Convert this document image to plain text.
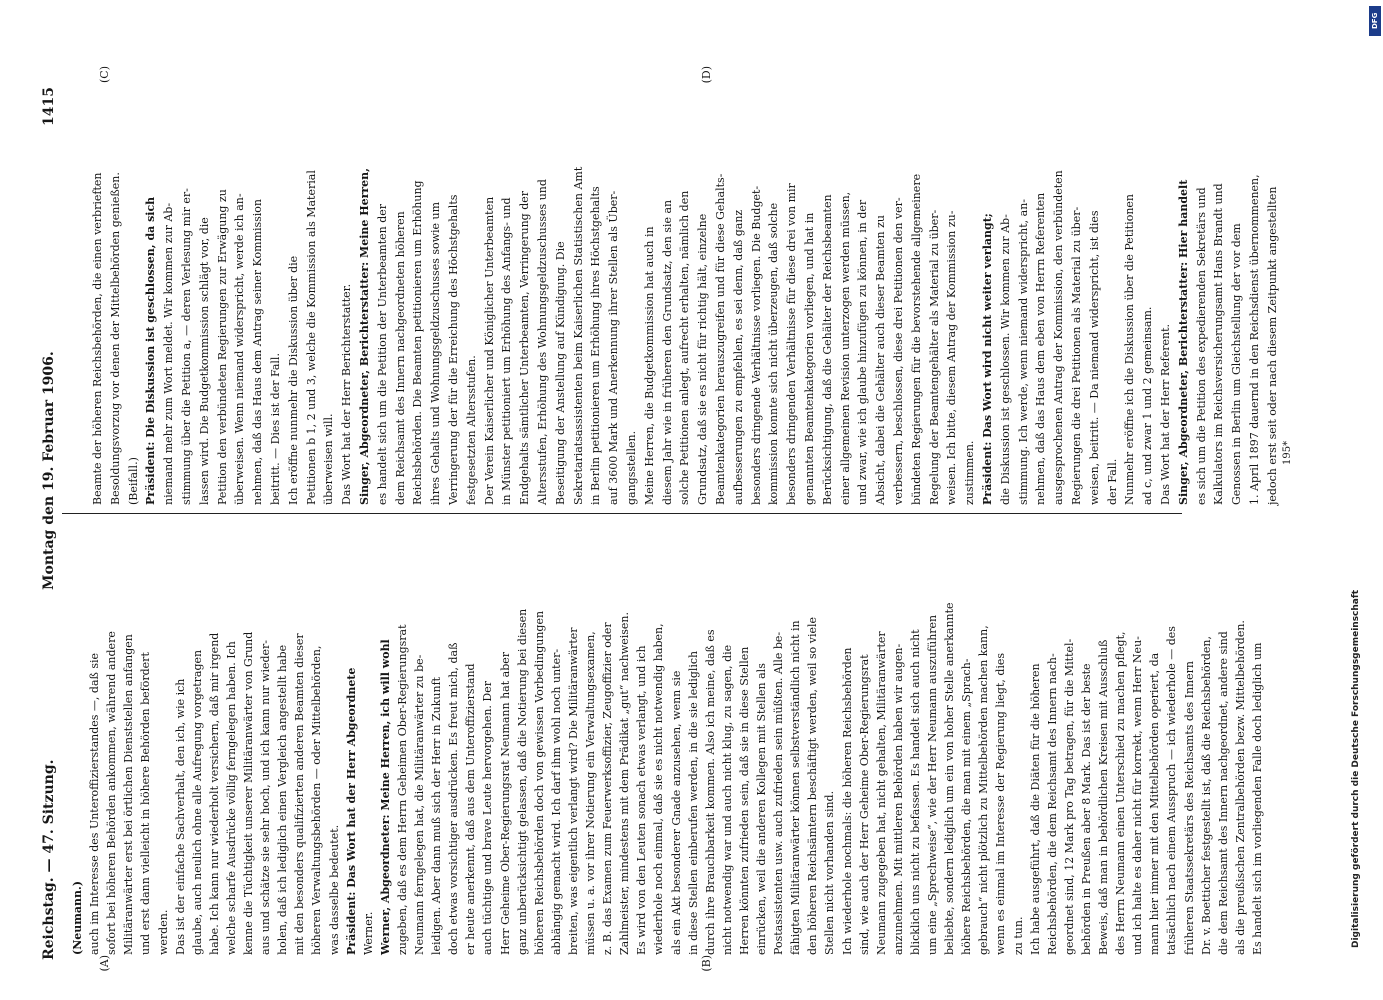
Reichstag. — 47. Sitzung.
Montag den 19. Februar 1906.
1415
(A)	(B)
(C)	(D)
195*
Digitalisierung gefördert durch die Deutsche Forschungsgemeinschaft
DFG
(Neumann.) auch im Interesse des Unteroffizierstandes —, daß sie sofort bei höheren Behörden ankommen, während andere Militäranwärter erst bei örtlichen Dienststellen anfangen und erst dann vielleicht in höhere Behörden befördert werden. Das ist der einfache Sachverhalt, den ich, wie ich glaube, auch neulich ohne alle Aufregung vorgetragen habe. Ich kann nur wiederholt versichern, daß mir irgend welche scharfe Ausdrücke völlig ferngelegen haben. Ich kenne die Tüchtigkeit unserer Militäranwärter von Grund aus und schätze sie sehr hoch, und ich kann nur wieder- holen, daß ich lediglich einen Vergleich angestellt habe mit den besonders qualifizierten anderen Beamten dieser höheren Verwaltungsbehörden — oder Mittelbehörden, was dasselbe bedeutet. Präsident: Das Wort hat der Herr Abgeordnete Werner. Werner, Abgeordneter: Meine Herren, ich will wohl zugeben, daß es dem Herrn Geheimen Ober-Regierungsrat Neumann ferngelegen hat, die Militäranwärter zu be- leidigen. Aber dann muß sich der Herr in Zukunft doch etwas vorsichtiger ausdrücken. Es freut mich, daß er heute anerkennt, daß aus dem Unteroffizierstand auch tüchtige und brave Leute hervorgehen. Der Herr Geheime Ober-Regierungsrat Neumann hat aber ganz unberücksichtigt gelassen, daß die Notierung bei diesen höheren Reichsbehörden doch von gewissen Vorbedingungen abhängig gemacht wird. Ich darf ihm wohl noch unter- breiten, was eigentlich verlangt wird? Die Militäranwärter müssen u. a. vor ihrer Notierung ein Verwaltungsexamen, z. B. das Examen zum Feuerwerksoffizier, Zeugoffizier oder Zahlmeister, mindestens mit dem Prädikat „gut“ nachweisen. Es wird von den Leuten sonach etwas verlangt, und ich wiederhole noch einmal, daß sie es nicht notwendig haben, als ein Akt besonderer Gnade anzusehen, wenn sie in diese Stellen einberufen werden, in die sie lediglich durch ihre Brauchbarkeit kommen. Also ich meine, daß es nicht notwendig war und auch nicht klug, zu sagen, die Herren könnten zufrieden sein, daß sie in diese Stellen einrücken, weil die anderen Kollegen mit Stellen als Postassistenten usw. auch zufrieden sein müßten. Alle be- fähigten Militäranwärter können selbstverständlich nicht in den höheren Reichsämtern beschäftigt werden, weil so viele Stellen nicht vorhanden sind. Ich wiederhole nochmals: die höheren Reichsbehörden sind, wie auch der Herr Geheime Ober-Regierungsrat Neumann zugegeben hat, nicht gehalten, Militäranwärter anzunehmen. Mit mittleren Behörden haben wir augen- blicklich uns nicht zu befassen. Es handelt sich auch nicht um eine „Sprechweise“, wie der Herr Neumann auszuführen beliebte, sondern lediglich um ein von hoher Stelle anerkannte höhere Reichsbehörden, die man mit einem „Sprach- gebrauch“ nicht plötzlich zu Mittelbehörden machen kann, wenn es einmal im Interesse der Regierung liegt, dies zu tun. Ich habe ausgeführt, daß die Diäten für die höheren Reichsbehörden, die dem Reichsamt des Innern nach- geordnet sind, 12 Mark pro Tag betragen, für die Mittel- behörden in Preußen aber 8 Mark. Das ist der beste Beweis, daß man in behördlichen Kreisen mit Ausschluß des Herrn Neumann einen Unterschied zu machen pflegt, und ich halte es daher nicht für korrekt, wenn Herr Neu- mann hier immer mit den Mittelbehörden operiert, da tatsächlich nach einem Ausspruch — ich wiederhole — des früheren Staatssekretärs des Reichsamts des Innern Dr. v. Boetticher festgestellt ist, daß die Reichsbehörden, die dem Reichsamt des Innern nachgeordnet, andere sind als die preußischen Zentralbehörden bezw. Mittelbehörden. Es handelt sich im vorliegenden Falle doch lediglich um
Beamte der höheren Reichsbehörden, die einen verbrieften Besoldungsvorzug vor denen der Mittelbehörden genießen. (Beifall.) Präsident: Die Diskussion ist geschlossen, da sich niemand mehr zum Wort meldet. Wir kommen zur Ab- stimmung über die Petition a, — deren Verlesung mir er- lassen wird. Die Budgetkommission schlägt vor, die Petition den verbündeten Regierungen zur Erwägung zu überweisen. Wenn niemand widerspricht, werde ich an- nehmen, daß das Haus dem Antrag seiner Kommission beitritt. — Dies ist der Fall. Ich eröffne nunmehr die Diskussion über die Petitionen b 1, 2 und 3, welche die Kommission als Material überweisen will. Das Wort hat der Herr Berichterstatter. Singer, Abgeordneter, Berichterstatter: Meine Herren, es handelt sich um die Petition der Unterbeamten der dem Reichsamt des Innern nachgeordneten höheren Reichsbehörden. Die Beamten petitionieren um Erhöhung ihres Gehalts und Wohnungsgeldzuschusses sowie um Verringerung der für die Erreichung des Höchstgehalts festgesetzten Altersstufen. Der Verein Kaiserlicher und Königlicher Unterbeamten in Münster petitioniert um Erhöhung des Anfangs- und Endgehalts sämtlicher Unterbeamten, Verringerung der Altersstufen, Erhöhung des Wohnungsgeldzuschusses und Beseitigung der Anstellung auf Kündigung. Die Sekretariatsassistenten beim Kaiserlichen Statistischen Amt in Berlin petitionieren um Erhöhung ihres Höchstgehalts auf 3600 Mark und Anerkennung ihrer Stellen als Über- gangsstellen. Meine Herren, die Budgetkommission hat auch in diesem Jahr wie in früheren den Grundsatz, den sie an solche Petitionen anlegt, aufrecht erhalten, nämlich den Grundsatz, daß sie es nicht für richtig hält, einzelne Beamtenkategorien herauszugreifen und für diese Gehalts- aufbesserungen zu empfehlen, es sei denn, daß ganz besonders dringende Verhältnisse vorliegen. Die Budget- kommission konnte sich nicht überzeugen, daß solche besonders dringenden Verhältnisse für diese drei von mir genannten Beamtenkategorien vorliegen, und hat in Berücksichtigung, daß die Gehälter der Reichsbeamten einer allgemeinen Revision unterzogen werden müssen, und zwar, wie ich glaube hinzufügen zu können, in der Absicht, dabei die Gehälter auch dieser Beamten zu verbessern, beschlossen, diese drei Petitionen den ver- bündeten Regierungen für die bevorstehende allgemeinere Regelung der Beamtengehälter als Material zu über- weisen. Ich bitte, diesem Antrag der Kommission zu- zustimmen. Präsident: Das Wort wird nicht weiter verlangt; die Diskussion ist geschlossen. Wir kommen zur Ab- stimmung. Ich werde, wenn niemand widerspricht, an- nehmen, daß das Haus dem eben von Herrn Referenten ausgesprochenen Antrag der Kommission, den verbündeten Regierungen die drei Petitionen als Material zu über- weisen, beitritt. — Da niemand widerspricht, ist dies der Fall. Nunmehr eröffne ich die Diskussion über die Petitionen ad c, und zwar 1 und 2 gemeinsam. Das Wort hat der Herr Referent. Singer, Abgeordneter, Berichterstatter: Hier handelt es sich um die Petition des expedierenden Sekretärs und Kalkulators im Reichsversicherungsamt Hans Brandt und Genossen in Berlin um Gleichstellung der vor dem 1. April 1897 dauernd in den Reichsdienst übernommenen, jedoch erst seit oder nach diesem Zeitpunkt angestellten
